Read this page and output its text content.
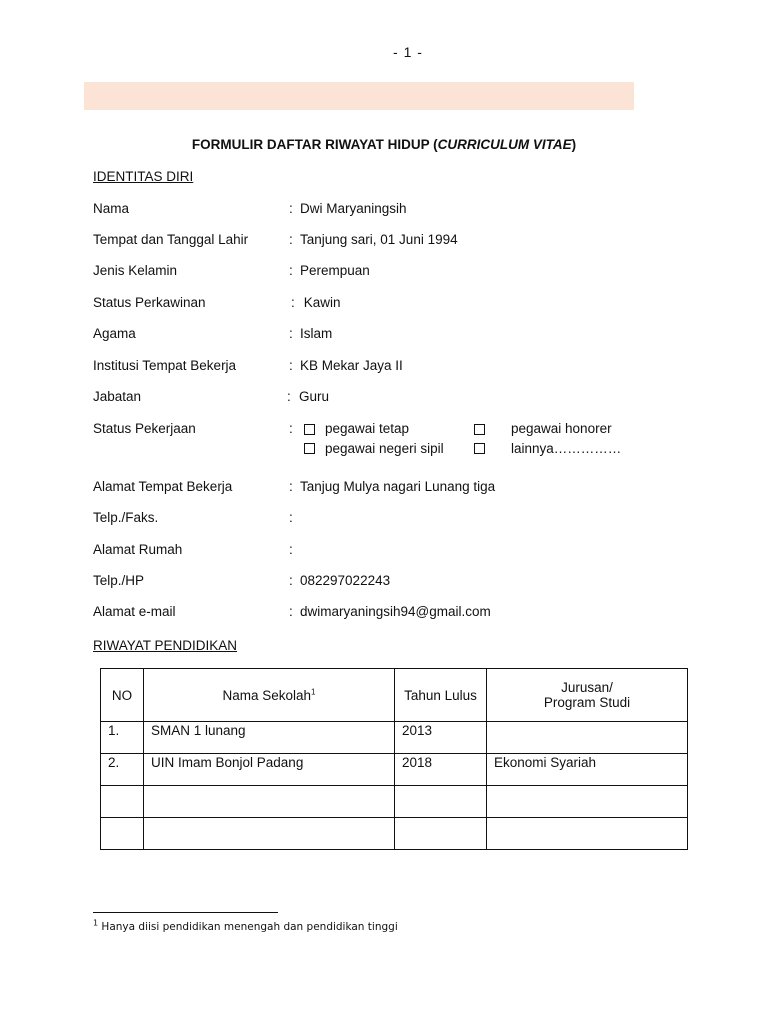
- 1 -
FORMULIR DAFTAR RIWAYAT HIDUP (CURRICULUM VITAE)
IDENTITAS DIRI
Nama	: Dwi Maryaningsih
Tempat dan Tanggal Lahir	: Tanjung sari, 01 Juni 1994
Jenis Kelamin	: Perempuan
Status Perkawinan	: Kawin
Agama	: Islam
Institusi Tempat Bekerja	: KB Mekar Jaya II
Jabatan	: Guru
Status Pekerjaan	: pegawai tetap	pegawai honorer
pegawai negeri sipil	lainnya……………
Alamat Tempat Bekerja	: Tanjug Mulya nagari Lunang tiga
Telp./Faks.	:
Alamat Rumah	:
Telp./HP	: 082297022243
Alamat e-mail	: dwimaryaningsih94@gmail.com
RIWAYAT PENDIDIKAN
NO	Nama Sekolah$^1$	Tahun Lulus	Jurusan/
Program Studi
1.	SMAN 1 lunang	2013	
2.	UIN Imam Bonjol Padang	2018	Ekonomi Syariah

$^1$ Hanya diisi pendidikan menengah dan pendidikan tinggi
